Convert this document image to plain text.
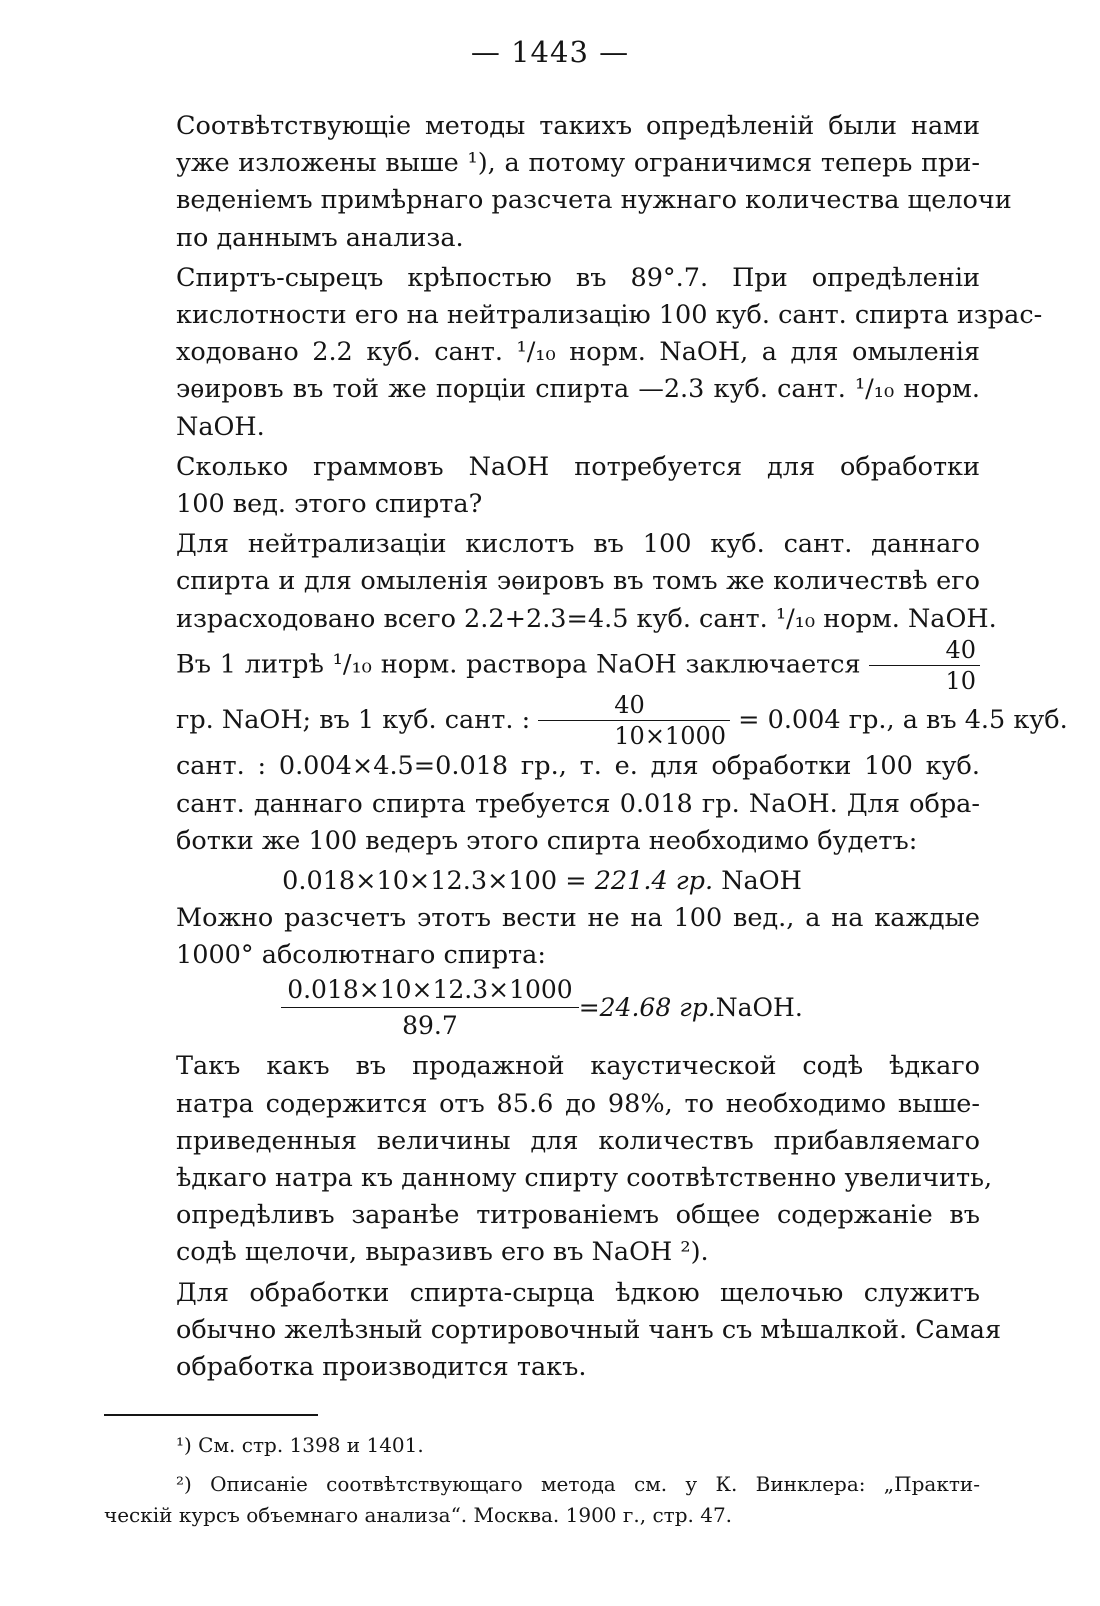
— 1443 —
Соотвѣтствующіе методы такихъ опредѣленій были нами
уже изложены выше ¹), а потому ограничимся теперь при-
веденіемъ примѣрнаго разсчета нужнаго количества щелочи
по даннымъ анализа.
Спиртъ-сырецъ крѣпостью въ 89°.7. При опредѣленіи
кислотности его на нейтрализацію 100 куб. сант. спирта израс-
ходовано 2.2 куб. сант. ¹/₁₀ норм. NaOH, а для омыленія
эѳировъ въ той же порціи спирта —2.3 куб. сант. ¹/₁₀ норм.
NaOH.
Сколько граммовъ NaOH потребуется для обработки
100 вед. этого спирта?
Для нейтрализаціи кислотъ въ 100 куб. сант. даннаго
спирта и для омыленія эѳировъ въ томъ же количествѣ его
израсходовано всего 2.2+2.3=4.5 куб. сант. ¹/₁₀ норм. NaOH.
Въ 1 литрѣ ¹/₁₀ норм. раствора NaOH заключается $\frac{40}{10}$
гр. NaOH; въ 1 куб. сант. : $\frac{40}{10\times 1000} = 0.004$ гр., а въ 4.5 куб.
сант. : 0.004×4.5=0.018 гр., т. е. для обработки 100 куб.
сант. даннаго спирта требуется 0.018 гр. NaOH. Для обра-
ботки же 100 ведеръ этого спирта необходимо будетъ:
0.018×10×12.3×100 = 221.4 гр. NaOH
Можно разсчетъ этотъ вести не на 100 вед., а на каждые
1000° абсолютнаго спирта:
$\frac{0.018\times 10\times 12.3\times 1000}{89.7} = 24.68$ гр. NaOH.
Такъ какъ въ продажной каустической содѣ ѣдкаго
натра содержится отъ 85.6 до 98%, то необходимо выше-
приведенныя величины для количествъ прибавляемаго
ѣдкаго натра къ данному спирту соотвѣтственно увеличить,
опредѣливъ заранѣе титрованіемъ общее содержаніе въ
содѣ щелочи, выразивъ его въ NaOH ²).
Для обработки спирта-сырца ѣдкою щелочью служитъ
обычно желѣзный сортировочный чанъ съ мѣшалкой. Самая
обработка производится такъ.
¹) См. стр. 1398 и 1401.
²) Описаніе соотвѣтствующаго метода см. у К. Винклера: „Практи-
ческій курсъ объемнаго анализа“. Москва. 1900 г., стр. 47.
